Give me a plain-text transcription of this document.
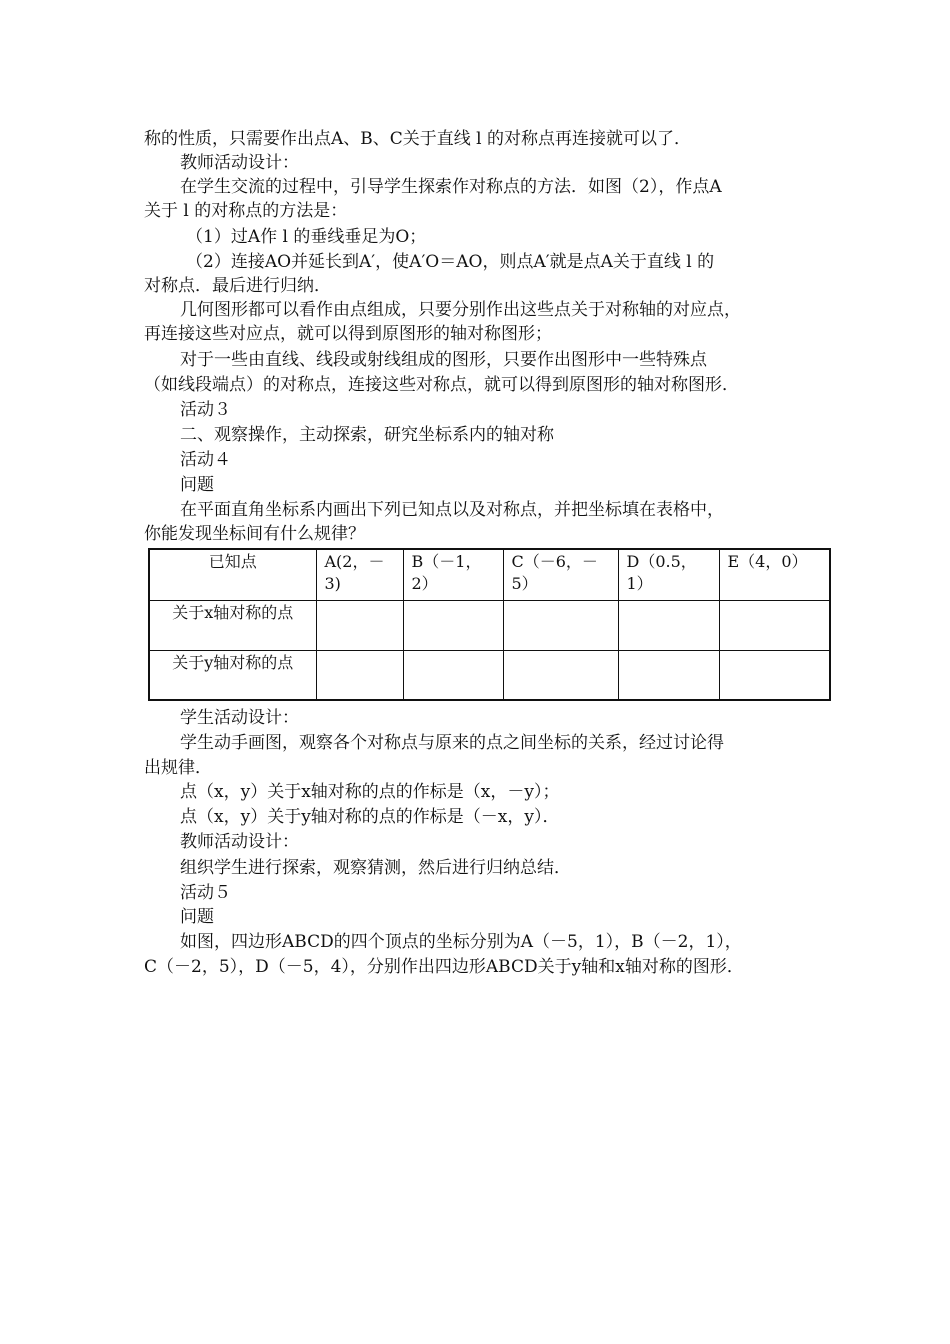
称的性质，只需要作出点A、B、C关于直线 l 的对称点再连接就可以了．
教师活动设计：
在学生交流的过程中，引导学生探索作对称点的方法．如图（2），作点A
关于 l 的对称点的方法是：
（1）过A作 l 的垂线垂足为O；
（2）连接AO并延长到A′，使A′O＝AO，则点A′就是点A关于直线 l 的
对称点．最后进行归纳．
几何图形都可以看作由点组成，只要分别作出这些点关于对称轴的对应点，
再连接这些对应点，就可以得到原图形的轴对称图形；
对于一些由直线、线段或射线组成的图形，只要作出图形中一些特殊点
（如线段端点）的对称点，连接这些对称点，就可以得到原图形的轴对称图形．
活动３
二、观察操作，主动探索，研究坐标系内的轴对称
活动４
问题
在平面直角坐标系内画出下列已知点以及对称点，并把坐标填在表格中，
你能发现坐标间有什么规律？
已知点	A(2，－3)	B（－1，2）	C（－6，－5）	D（0.5，1）	E（4，0）
关于x轴对称的点					
关于y轴对称的点					
学生活动设计：
学生动手画图，观察各个对称点与原来的点之间坐标的关系，经过讨论得
出规律．
点（x，y）关于x轴对称的点的作标是（x，－y）；
点（x，y）关于y轴对称的点的作标是（－x，y）．
教师活动设计：
组织学生进行探索，观察猜测，然后进行归纳总结．
活动５
问题
如图，四边形ABCD的四个顶点的坐标分别为A（－5，1），B（－2，1），
C（－2，5），D（－5，4），分别作出四边形ABCD关于y轴和x轴对称的图形．
